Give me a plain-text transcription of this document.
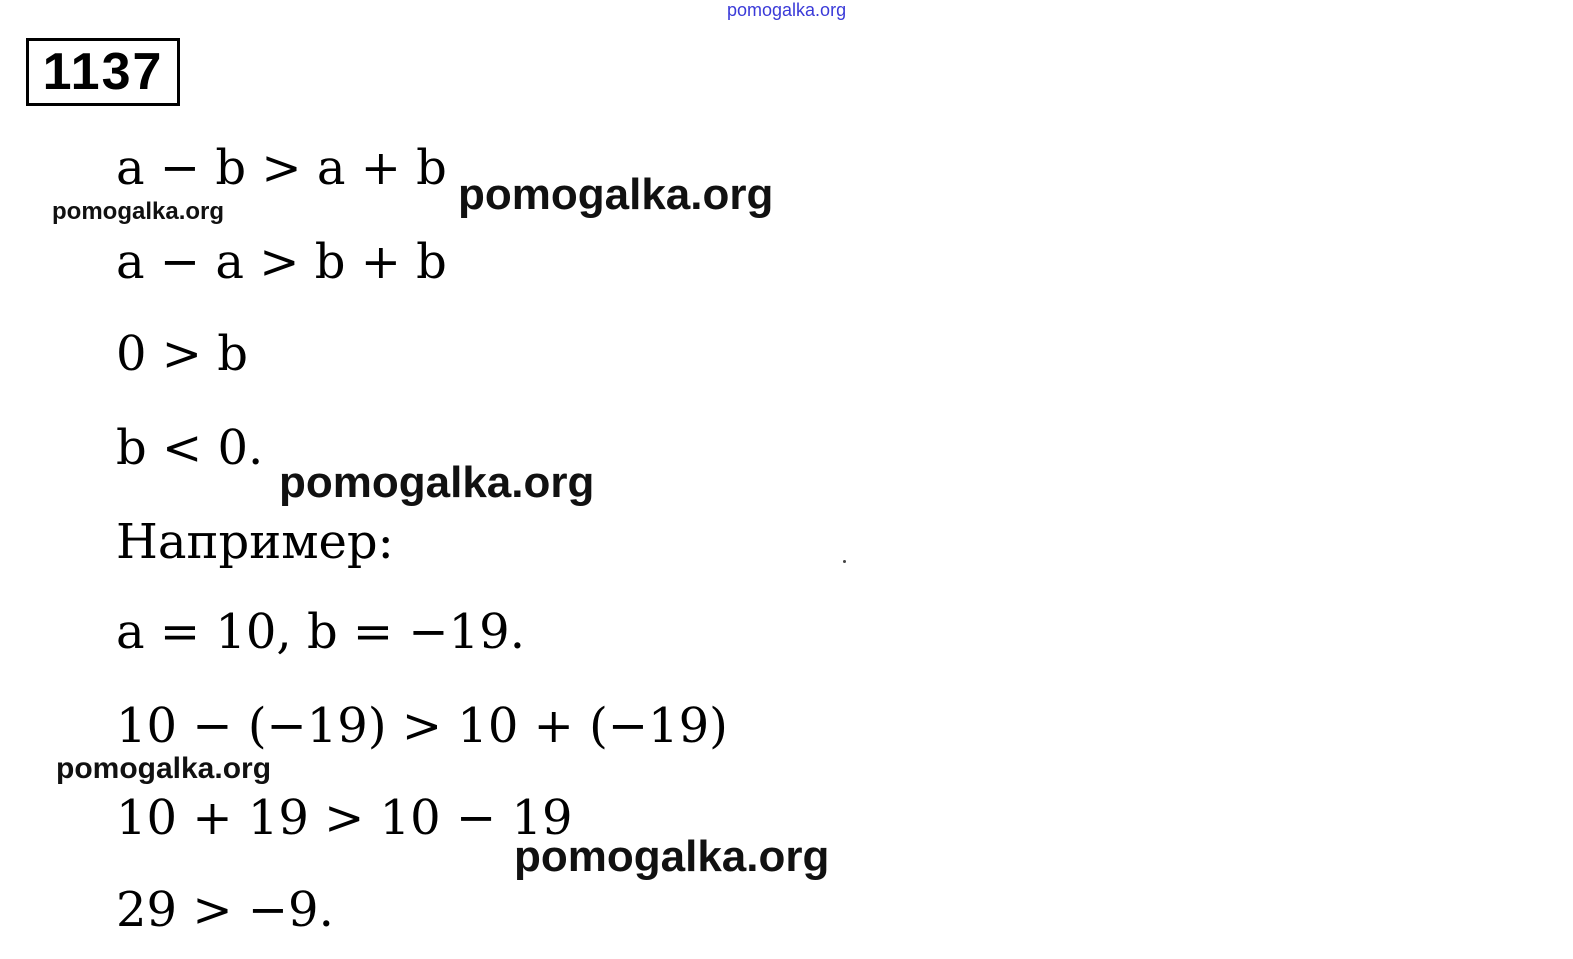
pomogalka.org
1137
a − b > a + b
a − a > b + b
0 > b
b < 0.
Например:
a = 10, b = −19.
10 − (−19) > 10 + (−19)
10 + 19 > 10 − 19
29 > −9.
pomogalka.org
pomogalka.org
pomogalka.org
pomogalka.org
pomogalka.org
